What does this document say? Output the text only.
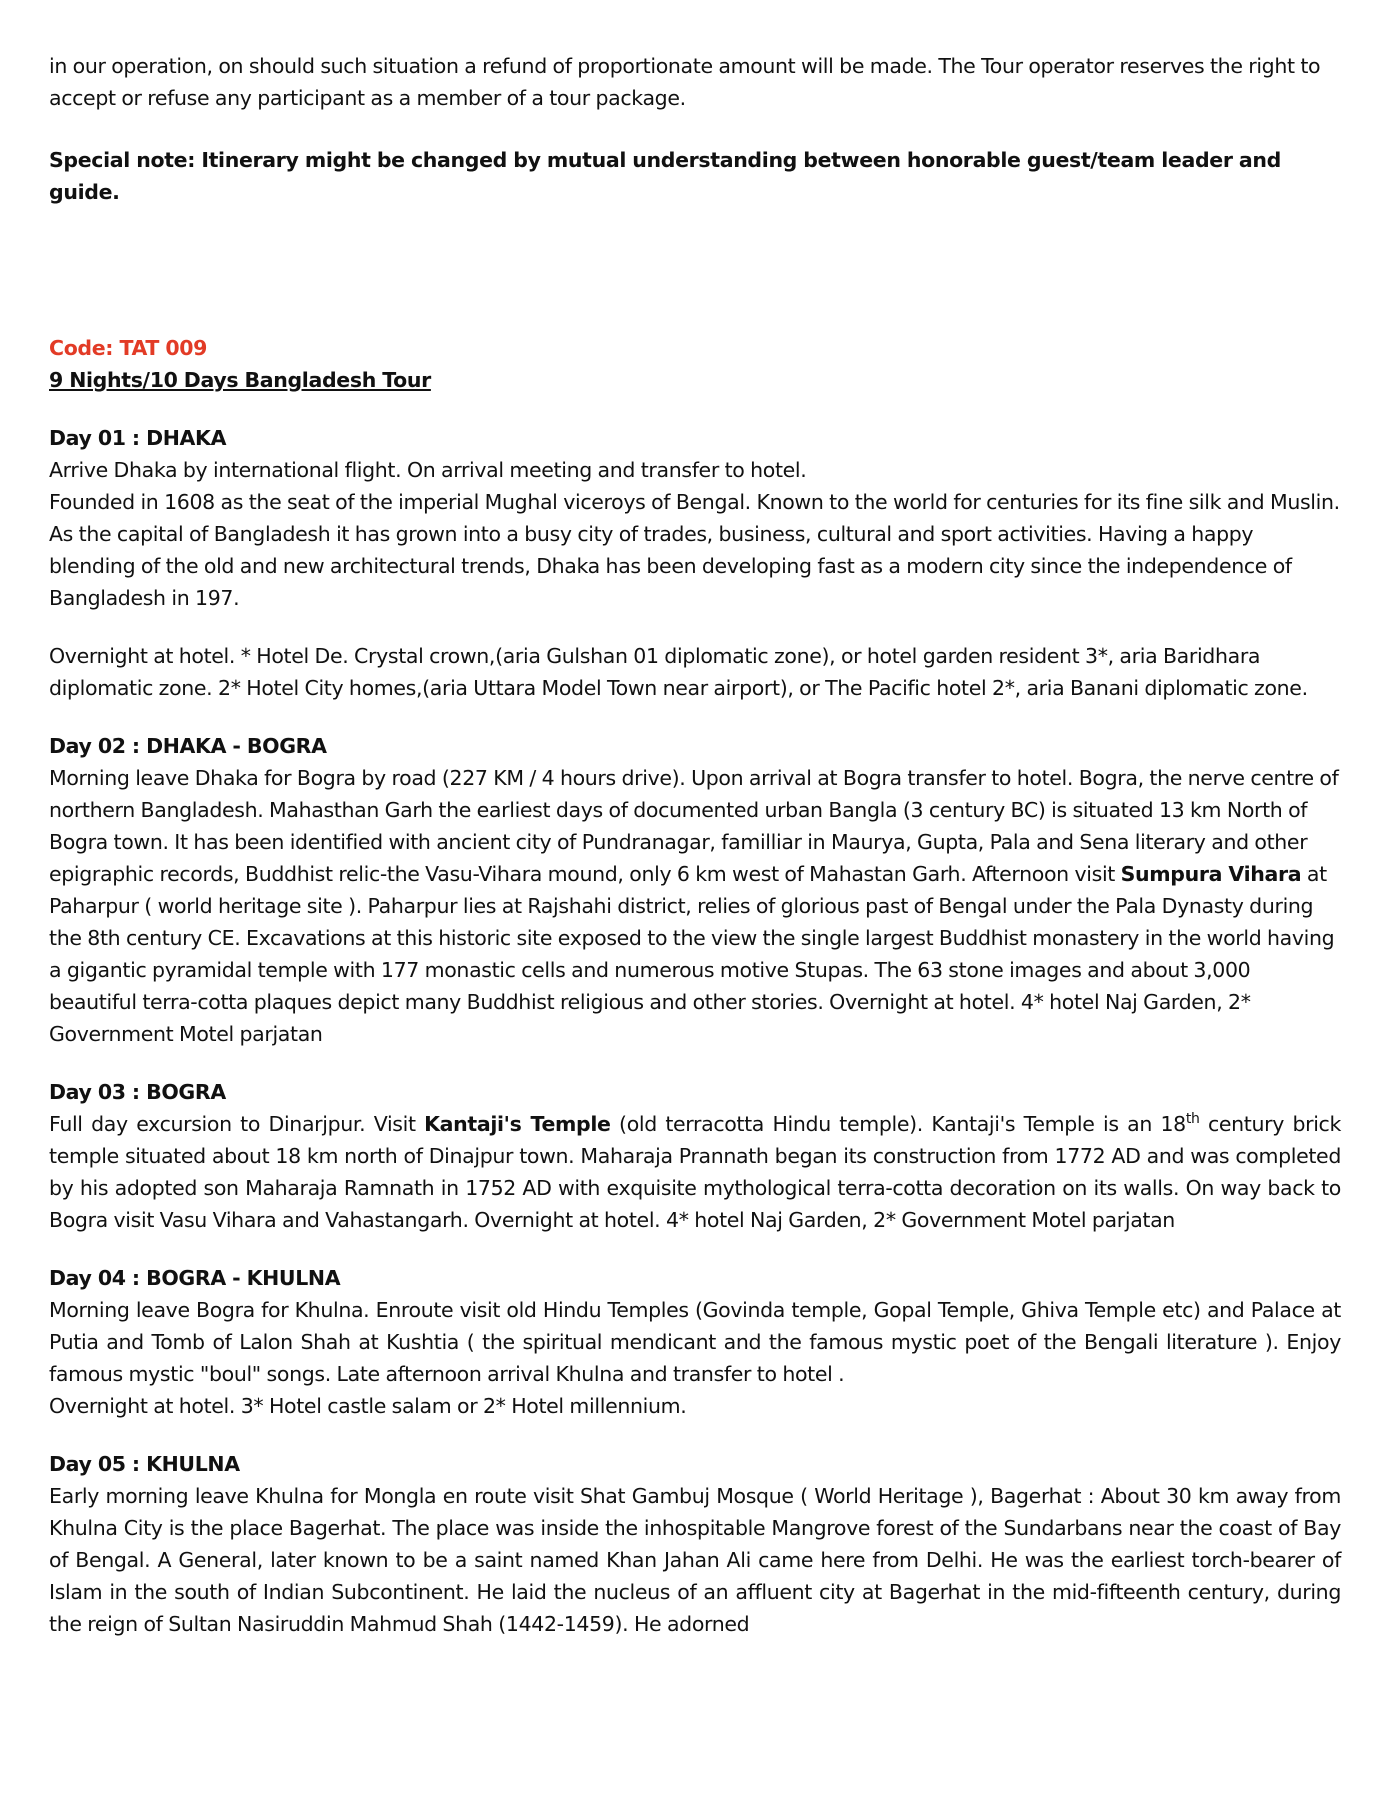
in our operation, on should such situation a refund of proportionate amount will be made. The Tour operator reserves the right to accept or refuse any participant as a member of a tour package.

Special note: Itinerary might be changed by mutual understanding between honorable guest/team leader and guide.

Code: TAT 009

9 Nights/10 Days Bangladesh Tour

Day 01 : DHAKA

Arrive Dhaka by international flight. On arrival meeting and transfer to hotel.

Founded in 1608 as the seat of the imperial Mughal viceroys of Bengal. Known to the world for centuries for its fine silk and Muslin. As the capital of Bangladesh it has grown into a busy city of trades, business, cultural and sport activities. Having a happy blending of the old and new architectural trends, Dhaka has been developing fast as a modern city since the independence of Bangladesh in 197.

Overnight at hotel. * Hotel De. Crystal crown,(aria Gulshan 01 diplomatic zone), or hotel garden resident 3*, aria Baridhara diplomatic zone. 2* Hotel City homes,(aria Uttara Model Town near airport), or The Pacific hotel 2*, aria Banani diplomatic zone.

Day 02 : DHAKA - BOGRA

Morning leave Dhaka for Bogra by road (227 KM / 4 hours drive). Upon arrival at Bogra transfer to hotel. Bogra, the nerve centre of northern Bangladesh. Mahasthan Garh the earliest days of documented urban Bangla (3 century BC) is situated 13 km North of Bogra town. It has been identified with ancient city of Pundranagar, familliar in Maurya, Gupta, Pala and Sena literary and other epigraphic records, Buddhist relic-the Vasu-Vihara mound, only 6 km west of Mahastan Garh. Afternoon visit Sumpura Vihara at Paharpur ( world heritage site ). Paharpur lies at Rajshahi district, relies of glorious past of Bengal under the Pala Dynasty during the 8th century CE. Excavations at this historic site exposed to the view the single largest Buddhist monastery in the world having a gigantic pyramidal temple with 177 monastic cells and numerous motive Stupas. The 63 stone images and about 3,000 beautiful terra-cotta plaques depict many Buddhist religious and other stories. Overnight at hotel. 4* hotel Naj Garden, 2* Government Motel parjatan

Day 03 : BOGRA

Full day excursion to Dinarjpur. Visit Kantaji's Temple (old terracotta Hindu temple). Kantaji's Temple is an 18th century brick temple situated about 18 km north of Dinajpur town. Maharaja Prannath began its construction from 1772 AD and was completed by his adopted son Maharaja Ramnath in 1752 AD with exquisite mythological terra-cotta decoration on its walls. On way back to Bogra visit Vasu Vihara and Vahastangarh. Overnight at hotel. 4* hotel Naj Garden, 2* Government Motel parjatan

Day 04 : BOGRA - KHULNA

Morning leave Bogra for Khulna. Enroute visit old Hindu Temples (Govinda temple, Gopal Temple, Ghiva Temple etc) and Palace at Putia and Tomb of Lalon Shah at Kushtia ( the spiritual mendicant and the famous mystic poet of the Bengali literature ). Enjoy famous mystic "boul" songs. Late afternoon arrival Khulna and transfer to hotel .

Overnight at hotel. 3* Hotel castle salam or 2* Hotel millennium.

Day 05 : KHULNA

Early morning leave Khulna for Mongla en route visit Shat Gambuj Mosque ( World Heritage ), Bagerhat : About 30 km away from Khulna City is the place Bagerhat. The place was inside the inhospitable Mangrove forest of the Sundarbans near the coast of Bay of Bengal. A General, later known to be a saint named Khan Jahan Ali came here from Delhi. He was the earliest torch-bearer of Islam in the south of Indian Subcontinent. He laid the nucleus of an affluent city at Bagerhat in the mid-fifteenth century, during the reign of Sultan Nasiruddin Mahmud Shah (1442-1459). He adorned
